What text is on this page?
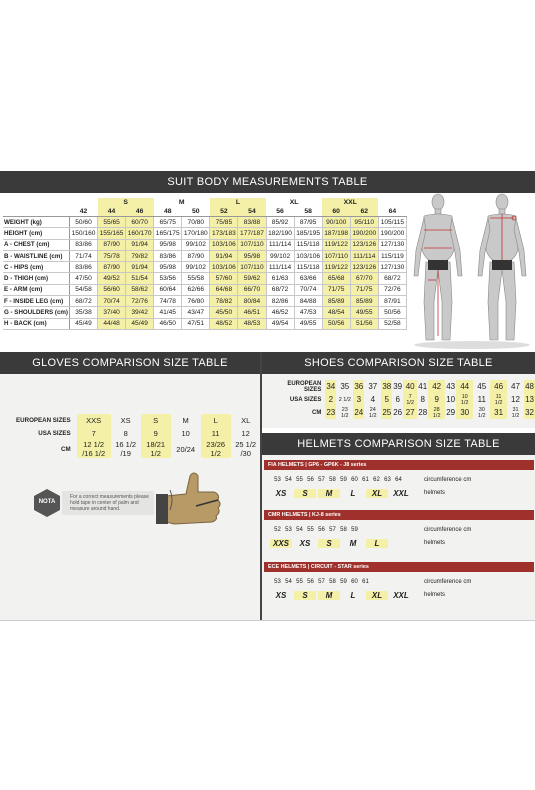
SUIT BODY MEASUREMENTS TABLE
		S		M		L		XL		XXL		
	42	44	46	48	50	52	54	56	58	60	62	64
WEIGHT (kg)	50/60	55/65	60/70	65/75	70/80	75/85	83/88	85/92	87/95	90/100	95/110	105/115
HEIGHT (cm)	150/160	155/165	160/170	165/175	170/180	173/183	177/187	182/190	185/195	187/198	190/200	190/200
A - CHEST (cm)	83/86	87/90	91/94	95/98	99/102	103/106	107/110	111/114	115/118	119/122	123/126	127/130
B - WAISTLINE (cm)	71/74	75/78	79/82	83/86	87/90	91/94	95/98	99/102	103/106	107/110	111/114	115/119
C - HIPS (cm)	83/86	87/90	91/94	95/98	99/102	103/106	107/110	111/114	115/118	119/122	123/126	127/130
D - THIGH (cm)	47/50	49/52	51/54	53/56	55/58	57/60	59/62	61/63	63/66	65/68	67/70	68/72
E - ARM (cm)	54/58	56/60	58/62	60/64	62/66	64/68	66/70	68/72	70/74	71/75	71/75	72/76
F - INSIDE LEG (cm)	68/72	70/74	72/76	74/78	76/80	78/82	80/84	82/86	84/88	85/89	85/89	87/91
G - SHOULDERS (cm)	35/38	37/40	39/42	41/45	43/47	45/50	46/51	46/52	47/53	48/54	49/55	50/56
H - BACK (cm)	45/49	44/48	45/49	46/50	47/51	48/52	48/53	49/54	49/55	50/56	51/56	52/58
GLOVES COMPARISON SIZE TABLE
EUROPEAN SIZES	XXS	XS	S	M	L	XL
USA SIZES	7	8	9	10	11	12
CM	12 1/2 /16 1/2	16 1/2 /19	18/21 1/2	20/24	23/26 1/2	25 1/2 /30
NOTA
For a correct measurements please hold tape in center of palm and measure around hand.
SHOES COMPARISON SIZE TABLE
EUROPEAN SIZES	34	35	36	37	38	39	40	41	42	43	44	45	46	47	48
USA SIZES	2	2 1/2	3	4	5	6	7 1/2	8	9	10	10 1/2	11	11 1/2	12	13
CM	23	23 1/2	24	24 1/2	25	26	27	28	28 1/2	29	30	30 1/2	31	31 1/2	32
HELMETS COMPARISON SIZE TABLE
FIA HELMETS | GP6 - GP6K - J8 series
53 54 55 56 57 58 59 60 61 62 63 64	circumference cm
XS	S	M	L	XL	XXL	helmets
CMR HELMETS | KJ-8 series
52 53 54 55 56 57 58 59	circumference cm
XXS	XS	S	M	L	helmets
ECE HELMETS | CIRCUIT - STAR series
53 54 55 56 57 58 59 60 61	circumference cm
XS	S	M	L	XL	XXL	helmets
